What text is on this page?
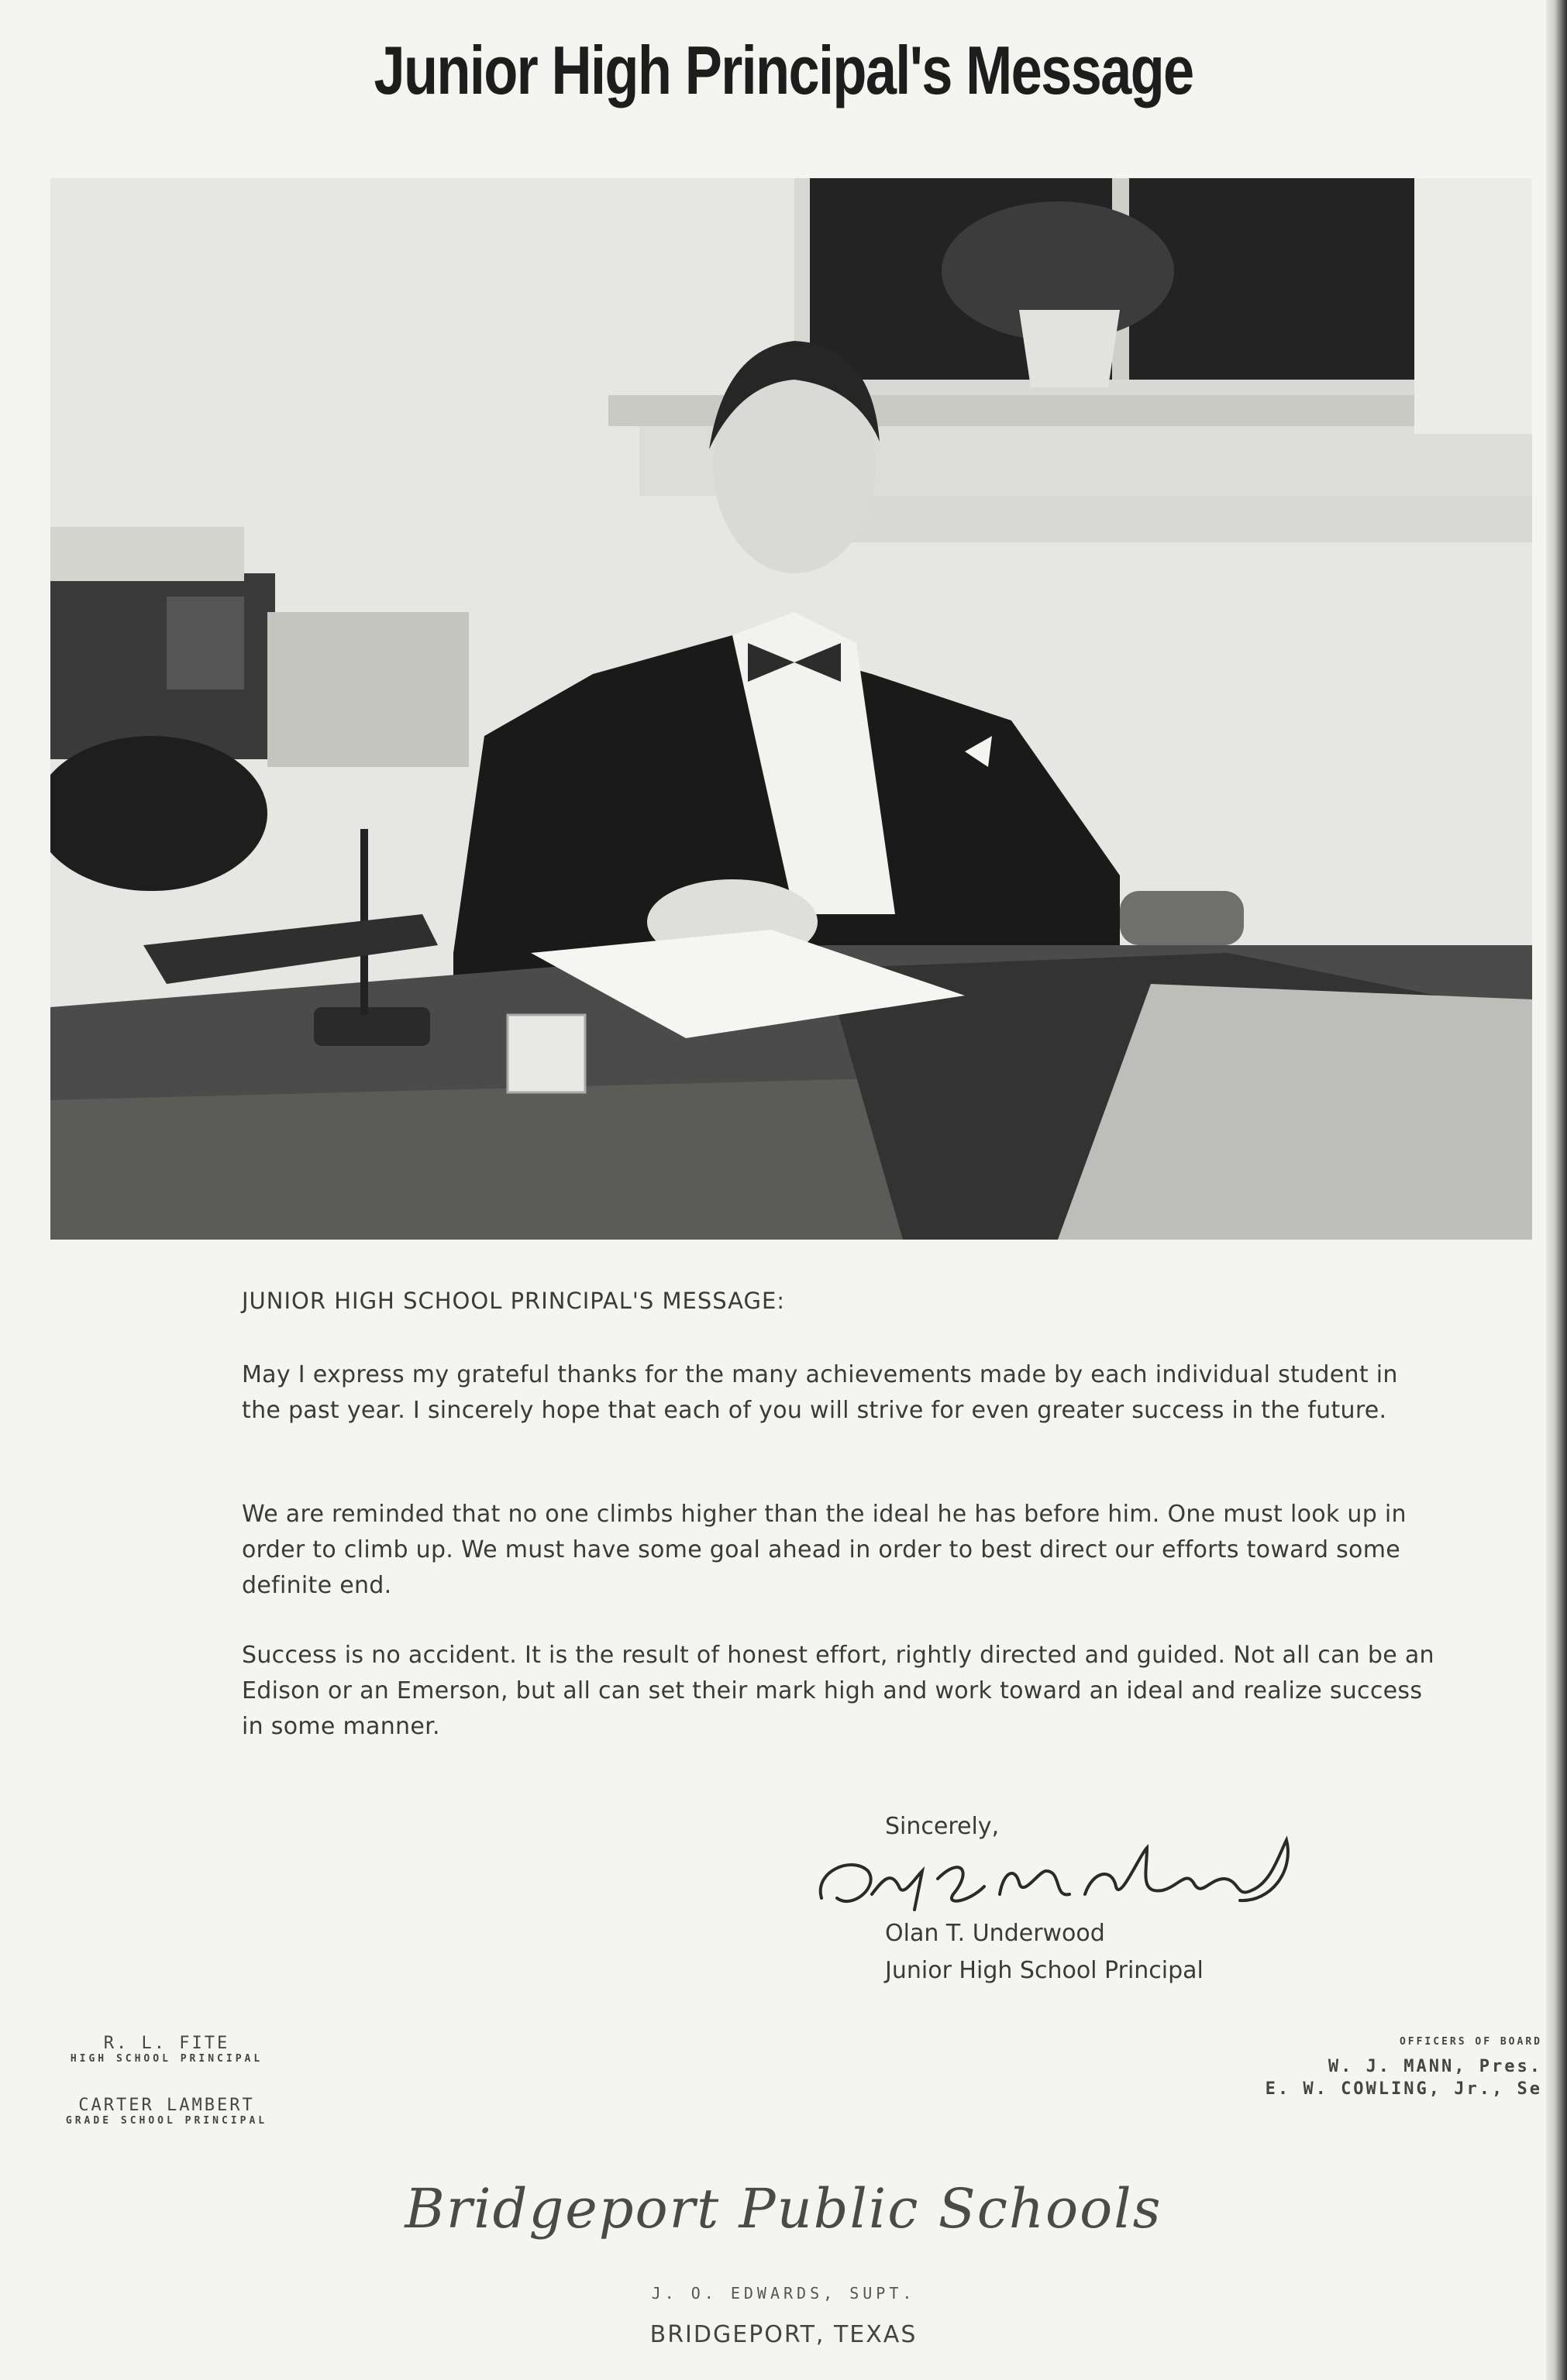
Junior High Principal's Message
JUNIOR HIGH SCHOOL PRINCIPAL'S MESSAGE:
May I express my grateful thanks for the many achievements made by each individual student in the past year. I sincerely hope that each of you will strive for even greater success in the future.
We are reminded that no one climbs higher than the ideal he has before him. One must look up in order to climb up. We must have some goal ahead in order to best direct our efforts toward some definite end.
Success is no accident. It is the result of honest effort, rightly directed and guided. Not all can be an Edison or an Emerson, but all can set their mark high and work toward an ideal and realize success in some manner.
Sincerely,
Olan T. Underwood
Junior High School Principal
R. L. FITE
HIGH SCHOOL PRINCIPAL
CARTER LAMBERT
GRADE SCHOOL PRINCIPAL
OFFICERS OF BOARD
W. J. MANN, Pres.
E. W. COWLING, Jr., Se
Bridgeport Public Schools
J. O. EDWARDS, SUPT.
BRIDGEPORT, TEXAS
